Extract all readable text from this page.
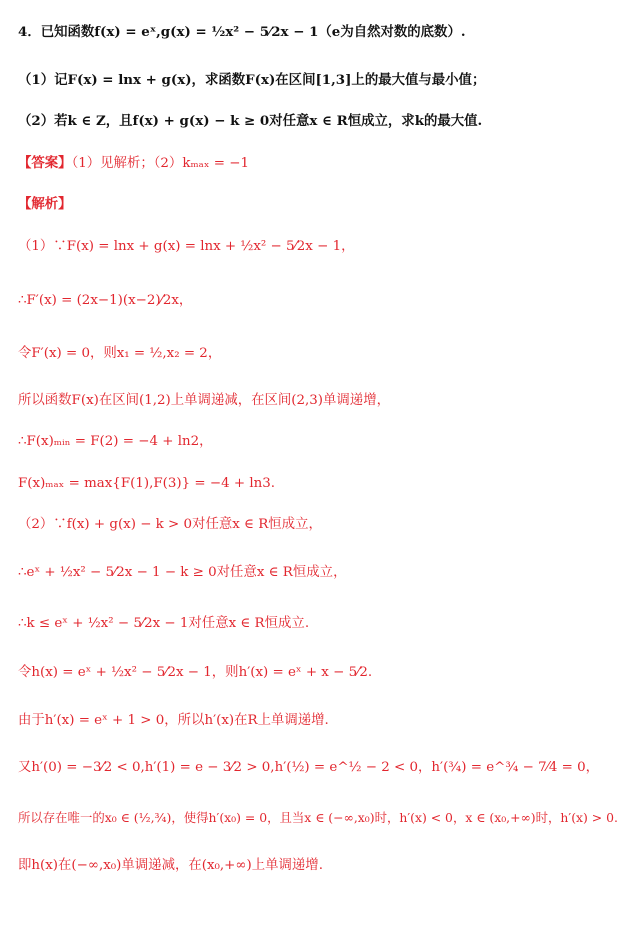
4．已知函数f(x) = eˣ,g(x) = ½x² − 5⁄2x − 1（e为自然对数的底数）.
（1）记F(x) = lnx + g(x)，求函数F(x)在区间[1,3]上的最大值与最小值；
（2）若k ∈ Z，且f(x) + g(x) − k ≥ 0对任意x ∈ R恒成立，求k的最大值.
【答案】（1）见解析；（2）kₘₐₓ = −1
【解析】
（1）∵F(x) = lnx + g(x) = lnx + ½x² − 5⁄2x − 1，
∴F′(x) = (2x−1)(x−2)⁄2x，
令F′(x) = 0，则x₁ = ½,x₂ = 2，
所以函数F(x)在区间(1,2)上单调递减，在区间(2,3)单调递增，
∴F(x)ₘᵢₙ = F(2) = −4 + ln2，
F(x)ₘₐₓ = max{F(1),F(3)} = −4 + ln3.
（2）∵f(x) + g(x) − k > 0对任意x ∈ R恒成立，
∴eˣ + ½x² − 5⁄2x − 1 − k ≥ 0对任意x ∈ R恒成立，
∴k ≤ eˣ + ½x² − 5⁄2x − 1对任意x ∈ R恒成立.
令h(x) = eˣ + ½x² − 5⁄2x − 1，则h′(x) = eˣ + x − 5⁄2.
由于h′(x) = eˣ + 1 > 0，所以h′(x)在R上单调递增.
又h′(0) = −3⁄2 < 0,h′(1) = e − 3⁄2 > 0,h′(½) = e^½ − 2 < 0，h′(¾) = e^¾ − 7⁄4 = 0，
所以存在唯一的x₀ ∈ (½,¾)，使得h′(x₀) = 0，且当x ∈ (−∞,x₀)时，h′(x) < 0，x ∈ (x₀,+∞)时，h′(x) > 0.
即h(x)在(−∞,x₀)单调递减，在(x₀,+∞)上单调递增.
